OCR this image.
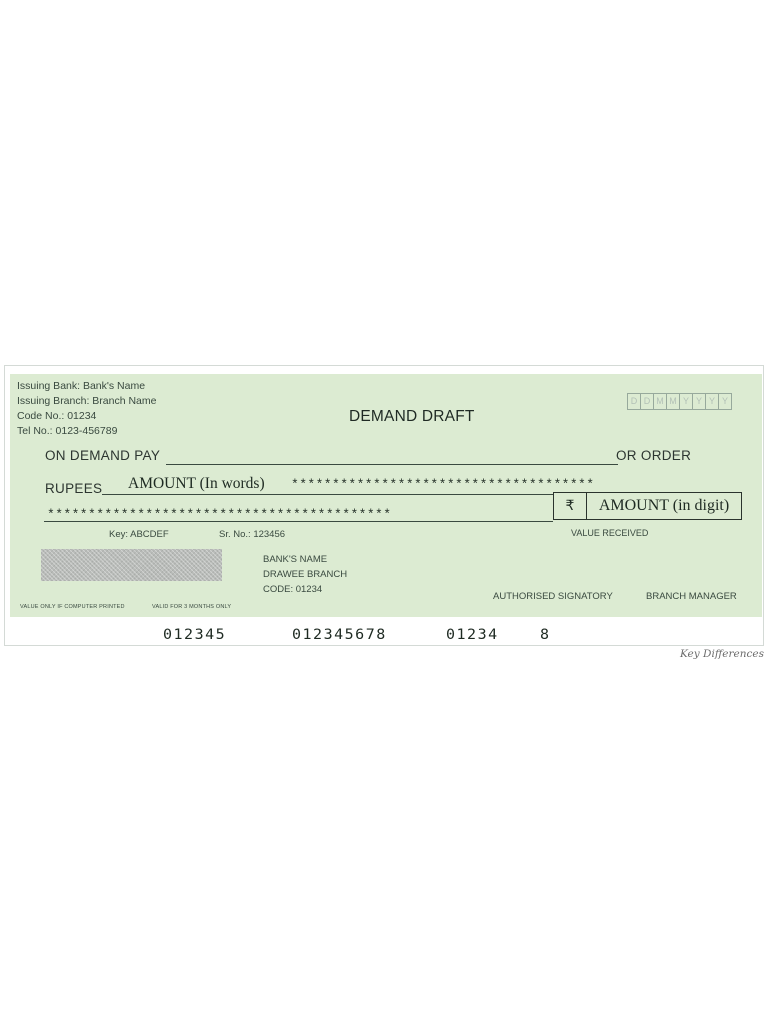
Issuing Bank: Bank's Name
Issuing Branch: Branch Name
Code No.: 01234
Tel No.: 0123-456789
DEMAND DRAFT
D D M M Y Y Y Y
ON DEMAND PAY	OR ORDER
RUPEES AMOUNT (In words) *************************************
******************************************
₹	AMOUNT (in digit)
Key: ABCDEF	Sr. No.: 123456	VALUE RECEIVED
BANK'S NAME
DRAWEE BRANCH
CODE: 01234
AUTHORISED SIGNATORY	BRANCH MANAGER
VALUE ONLY IF COMPUTER PRINTED	VALID FOR 3 MONTHS ONLY
012345	012345678	01234	8
Key Differences
